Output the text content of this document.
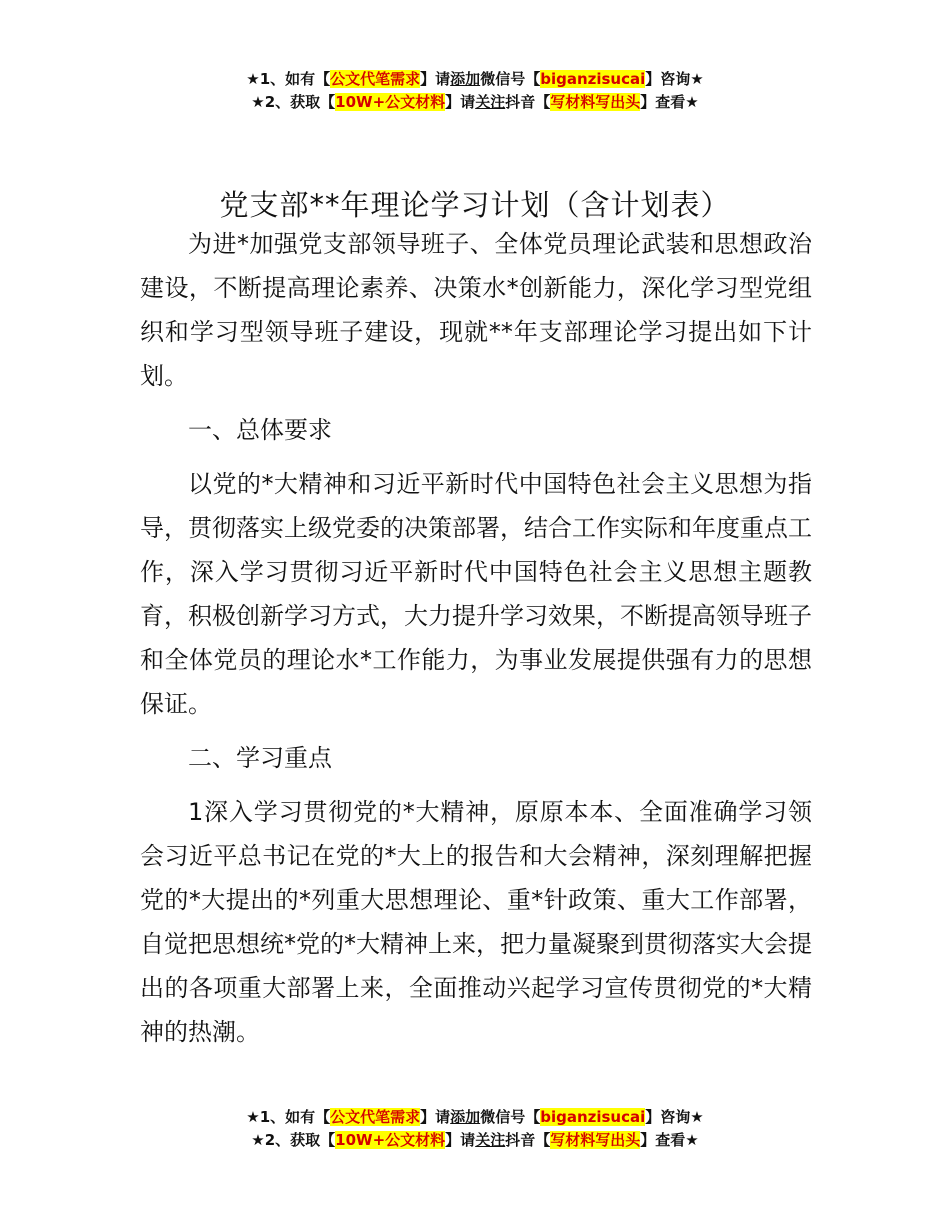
★1、如有【公文代笔需求】请添加微信号【biganzisucai】咨询★
★2、获取【10W+公文材料】请关注抖音【写材料写出头】查看★
党支部**年理论学习计划（含计划表）

为进*加强党支部领导班子、全体党员理论武装和思想政治建设，不断提高理论素养、决策水*创新能力，深化学习型党组织和学习型领导班子建设，现就**年支部理论学习提出如下计划。

一、总体要求

以党的*大精神和习近平新时代中国特色社会主义思想为指导，贯彻落实上级党委的决策部署，结合工作实际和年度重点工作，深入学习贯彻习近平新时代中国特色社会主义思想主题教育，积极创新学习方式，大力提升学习效果，不断提高领导班子和全体党员的理论水*工作能力，为事业发展提供强有力的思想保证。

二、学习重点

1深入学习贯彻党的*大精神，原原本本、全面准确学习领会习近平总书记在党的*大上的报告和大会精神，深刻理解把握党的*大提出的*列重大思想理论、重*针政策、重大工作部署，自觉把思想统*党的*大精神上来，把力量凝聚到贯彻落实大会提出的各项重大部署上来，全面推动兴起学习宣传贯彻党的*大精神的热潮。

★1、如有【公文代笔需求】请添加微信号【biganzisucai】咨询★
★2、获取【10W+公文材料】请关注抖音【写材料写出头】查看★
